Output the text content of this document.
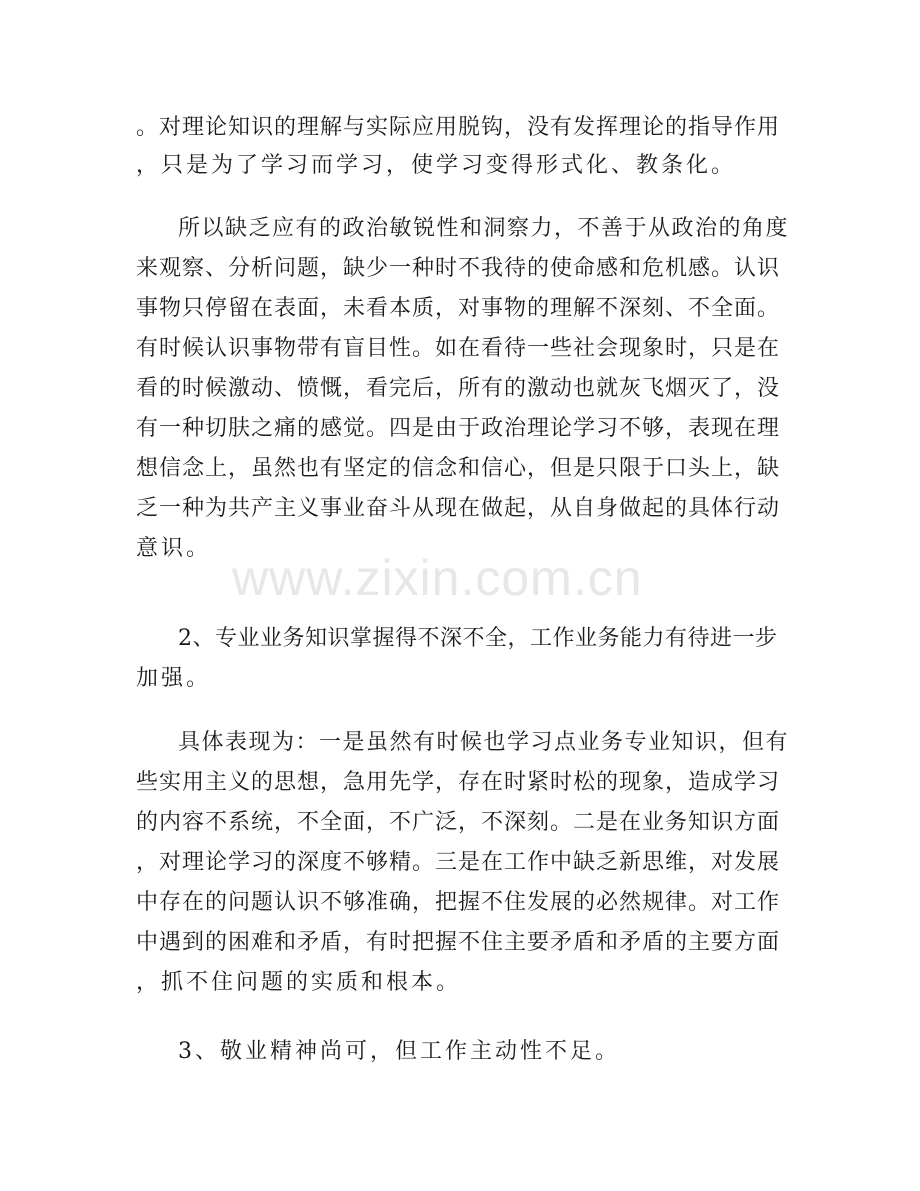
www.zixin.com.cn
。对理论知识的理解与实际应用脱钩，没有发挥理论的指导作用
，只是为了学习而学习，使学习变得形式化、教条化。
所以缺乏应有的政治敏锐性和洞察力，不善于从政治的角度
来观察、分析问题，缺少一种时不我待的使命感和危机感。认识
事物只停留在表面，未看本质，对事物的理解不深刻、不全面。
有时候认识事物带有盲目性。如在看待一些社会现象时，只是在
看的时候激动、愤慨，看完后，所有的激动也就灰飞烟灭了，没
有一种切肤之痛的感觉。四是由于政治理论学习不够，表现在理
想信念上，虽然也有坚定的信念和信心，但是只限于口头上，缺
乏一种为共产主义事业奋斗从现在做起，从自身做起的具体行动
意识。
2、专业业务知识掌握得不深不全，工作业务能力有待进一步
加强。
具体表现为：一是虽然有时候也学习点业务专业知识，但有
些实用主义的思想，急用先学，存在时紧时松的现象，造成学习
的内容不系统，不全面，不广泛，不深刻。二是在业务知识方面
，对理论学习的深度不够精。三是在工作中缺乏新思维，对发展
中存在的问题认识不够准确，把握不住发展的必然规律。对工作
中遇到的困难和矛盾，有时把握不住主要矛盾和矛盾的主要方面
，抓不住问题的实质和根本。
3、敬业精神尚可，但工作主动性不足。
